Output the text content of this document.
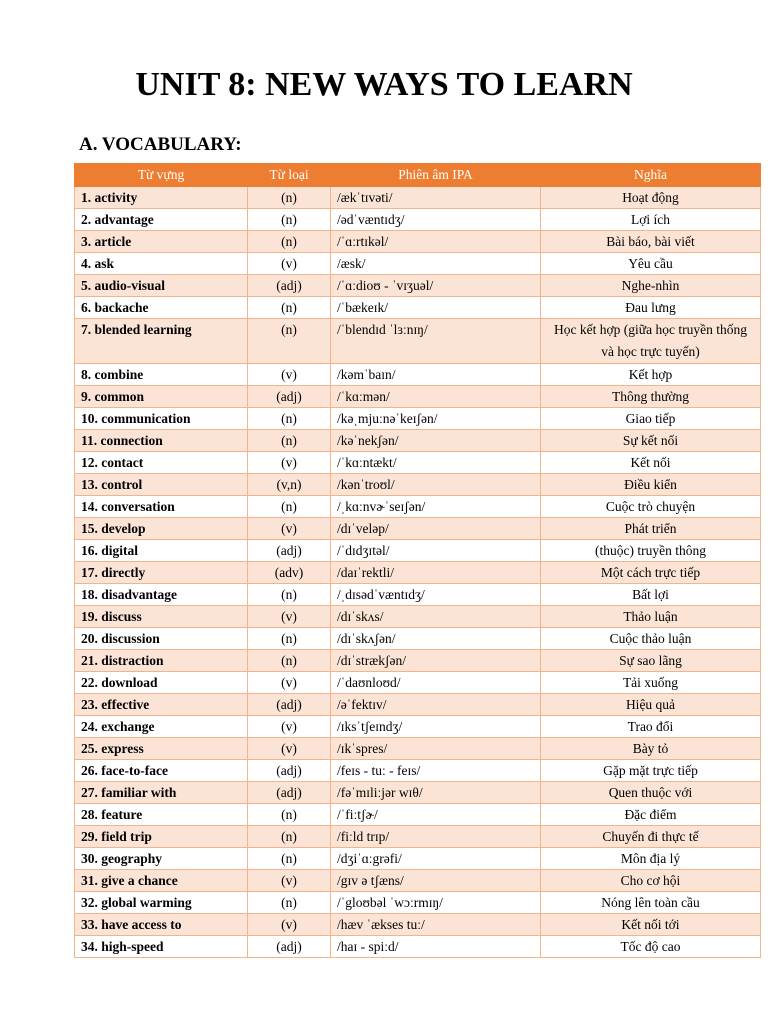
UNIT 8: NEW WAYS TO LEARN
A. VOCABULARY:
Từ vựng	Từ loại	Phiên âm IPA	Nghĩa
1. activity	(n)	/ækˈtɪvəti/	Hoạt động
2. advantage	(n)	/ədˈvæntɪdʒ/	Lợi ích
3. article	(n)	/ˈɑːrtɪkəl/	Bài báo, bài viết
4. ask	(v)	/æsk/	Yêu cầu
5. audio-visual	(adj)	/ˈɑːdioʊ - ˈvɪʒuəl/	Nghe-nhìn
6. backache	(n)	/ˈbækeɪk/	Đau lưng
7. blended learning	(n)	/ˈblendɪd ˈlɜːnɪŋ/	Học kết hợp (giữa học truyền thống và học trực tuyến)
8. combine	(v)	/kəmˈbaɪn/	Kết hợp
9. common	(adj)	/ˈkɑːmən/	Thông thường
10. communication	(n)	/kəˌmjuːnəˈkeɪʃən/	Giao tiếp
11. connection	(n)	/kəˈnekʃən/	Sự kết nối
12. contact	(v)	/ˈkɑːntækt/	Kết nối
13. control	(v,n)	/kənˈtroʊl/	Điều kiển
14. conversation	(n)	/ˌkɑːnvɚˈseɪʃən/	Cuộc trò chuyện
15. develop	(v)	/dɪˈveləp/	Phát triển
16. digital	(adj)	/ˈdɪdʒɪtəl/	(thuộc) truyền thông
17. directly	(adv)	/daɪˈrektli/	Một cách trực tiếp
18. disadvantage	(n)	/ˌdɪsədˈvæntɪdʒ/	Bất lợi
19. discuss	(v)	/dɪˈskʌs/	Thảo luận
20. discussion	(n)	/dɪˈskʌʃən/	Cuộc thảo luận
21. distraction	(n)	/dɪˈstrækʃən/	Sự sao lãng
22. download	(v)	/ˈdaʊnloʊd/	Tải xuống
23. effective	(adj)	/əˈfektɪv/	Hiệu quả
24. exchange	(v)	/ɪksˈtʃeɪndʒ/	Trao đổi
25. express	(v)	/ɪkˈspres/	Bày tỏ
26. face-to-face	(adj)	/feɪs - tuː - feɪs/	Gặp mặt trực tiếp
27. familiar with	(adj)	/fəˈmɪliːjər wɪθ/	Quen thuộc với
28. feature	(n)	/ˈfiːtʃɚ/	Đặc điểm
29. field trip	(n)	/fiːld trɪp/	Chuyến đi thực tế
30. geography	(n)	/dʒiˈɑːgrəfi/	Môn địa lý
31. give a chance	(v)	/gɪv ə tʃæns/	Cho cơ hội
32. global warming	(n)	/ˈgloʊbəl ˈwɔːrmɪŋ/	Nóng lên toàn cầu
33. have access to	(v)	/hæv ˈækses tuː/	Kết nối tới
34. high-speed	(adj)	/haɪ - spiːd/	Tốc độ cao
